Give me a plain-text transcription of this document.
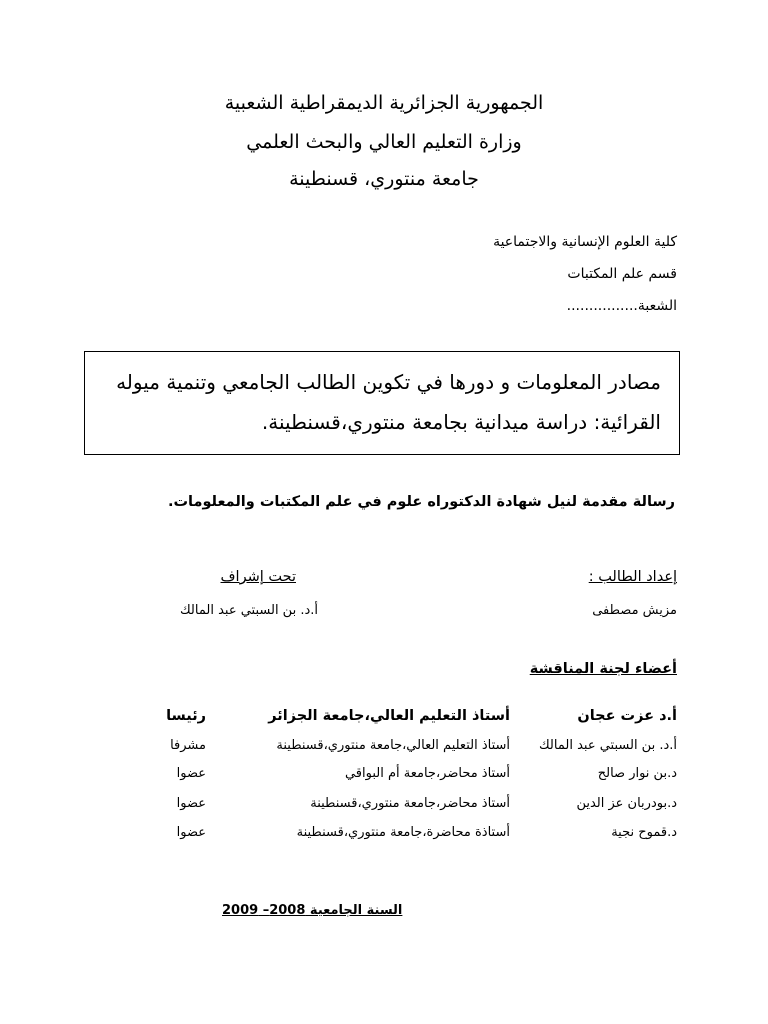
الجمهورية الجزائرية الديمقراطية الشعبية
وزارة التعليم العالي والبحث العلمي
جامعة منتوري، قسنطينة
كلية العلوم الإنسانية والاجتماعية
قسم علم المكتبات
الشعبة................
مصادر المعلومات و دورها في تكوين الطالب الجامعي وتنمية ميوله
القرائية: دراسة ميدانية بجامعة منتوري،قسنطينة.
رسالة مقدمة لنيل شهادة الدكتوراه علوم في علم المكتبات والمعلومات.
إعداد الطالب :
تحت إشراف
مزيش مصطفى
أ.د. بن السبتي عبد المالك
أعضاء لجنة المناقشة
أ.د عزت عجان
أستاذ التعليم العالي،جامعة الجزائر
رئيسا
أ.د. بن السبتي عبد المالك
أستاذ التعليم العالي،جامعة منتوري،قسنطينة
مشرفا
د.بن نوار صالح
أستاذ محاضر،جامعة أم البواقي
عضوا
د.بودربان عز الدين
أستاذ محاضر،جامعة منتوري،قسنطينة
عضوا
د.قموح نجية
أستاذة محاضرة،جامعة منتوري،قسنطينة
عضوا
السنة الجامعية 2008– 2009
